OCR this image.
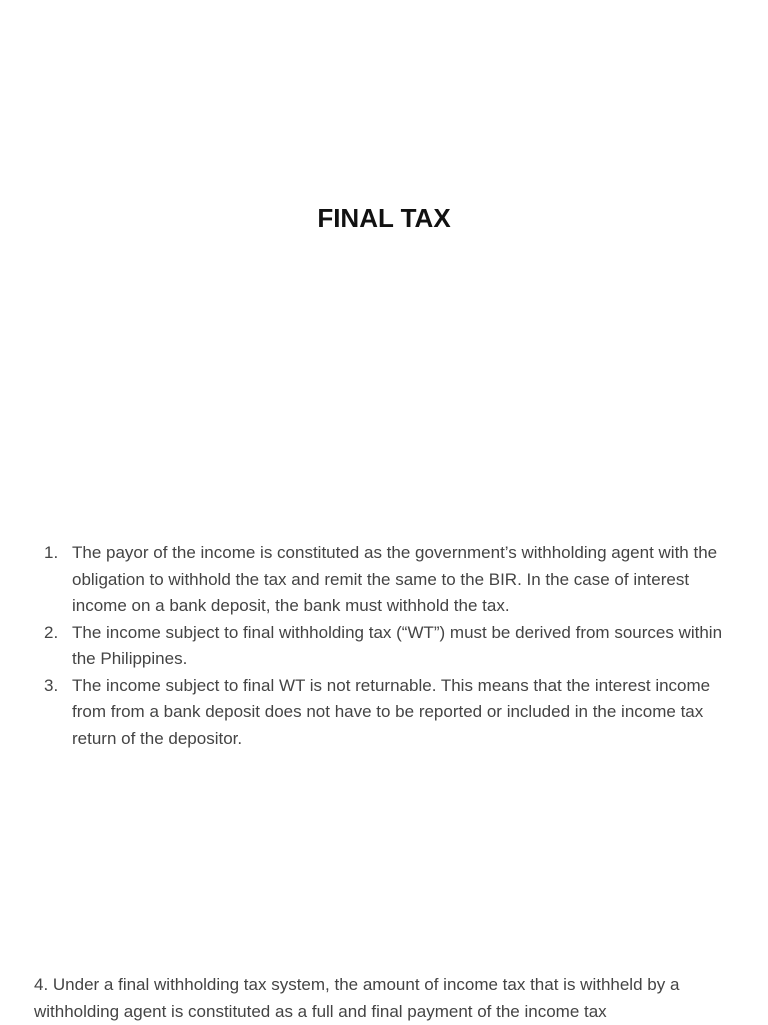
FINAL TAX
1. The payor of the income is constituted as the government’s withholding agent with the obligation to withhold the tax and remit the same to the BIR. In the case of interest income on a bank deposit, the bank must withhold the tax.
2. The income subject to final withholding tax (“WT”) must be derived from sources within the Philippines.
3. The income subject to final WT is not returnable. This means that the interest income from from a bank deposit does not have to be reported or included in the income tax return of the depositor.

4. Under a final withholding tax system, the amount of income tax that is withheld by a withholding agent is constituted as a full and final payment of the income tax
